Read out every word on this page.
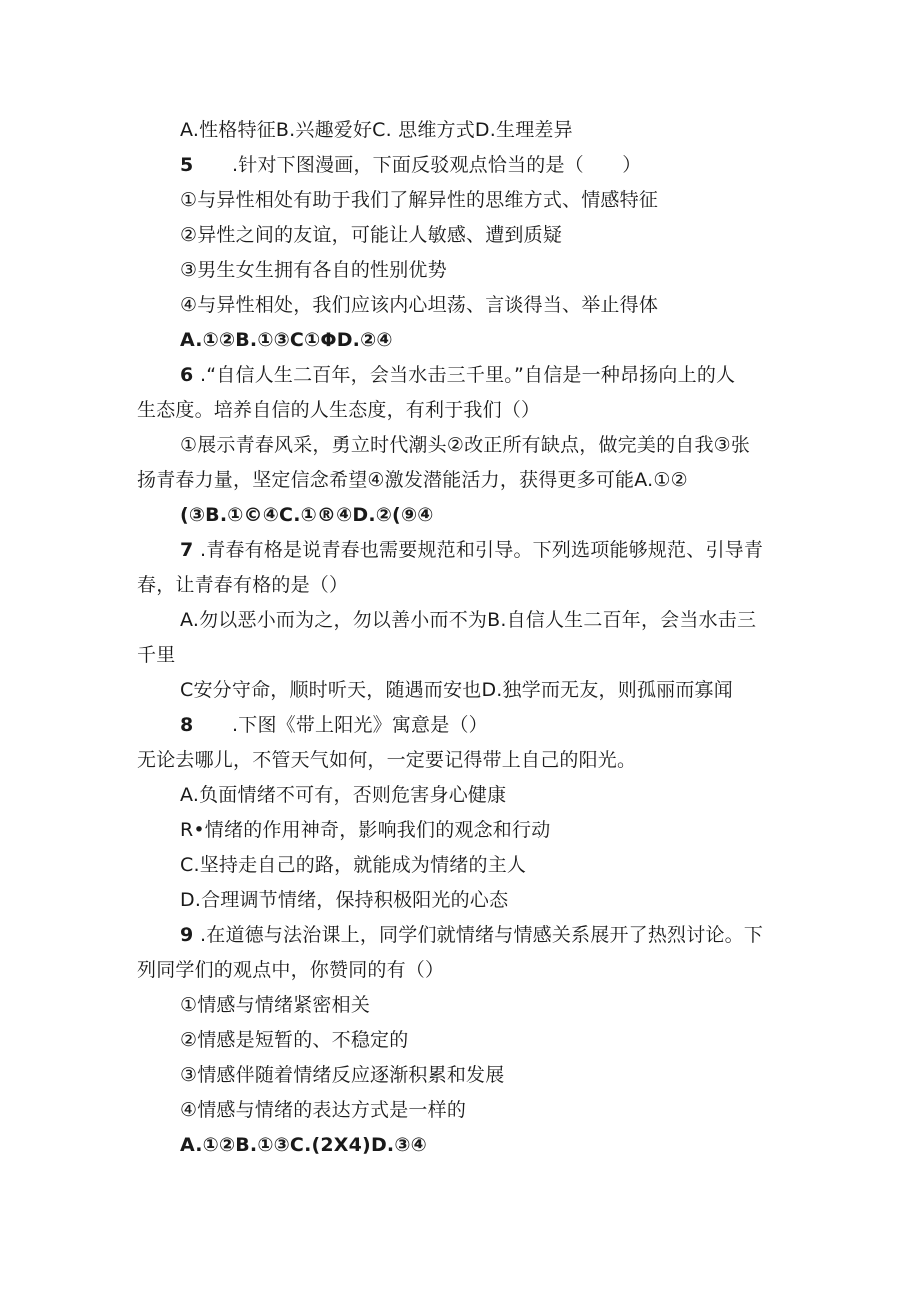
A.性格特征B.兴趣爱好C. 思维方式D.生理差异
5 .针对下图漫画，下面反驳观点恰当的是（　　）
①与异性相处有助于我们了解异性的思维方式、情感特征
②异性之间的友谊，可能让人敏感、遭到质疑
③男生女生拥有各自的性别优势
④与异性相处，我们应该内心坦荡、言谈得当、举止得体
A.①②B.①③C①ΦD.②④
6 .“自信人生二百年，会当水击三千里。”自信是一种昂扬向上的人
生态度。培养自信的人生态度，有利于我们（）
①展示青春风采，勇立时代潮头②改正所有缺点，做完美的自我③张
扬青春力量，坚定信念希望④激发潜能活力，获得更多可能A.①②
(③B.①©④C.①®④D.②(⑨④
7 .青春有格是说青春也需要规范和引导。下列选项能够规范、引导青
春，让青春有格的是（）
A.勿以恶小而为之，勿以善小而不为B.自信人生二百年，会当水击三
千里
C安分守命，顺时听天，随遇而安也D.独学而无友，则孤丽而寡闻
8 .下图《带上阳光》寓意是（）
无论去哪儿，不管天气如何，一定要记得带上自己的阳光。
A.负面情绪不可有，否则危害身心健康
R•情绪的作用神奇，影响我们的观念和行动
C.坚持走自己的路，就能成为情绪的主人
D.合理调节情绪，保持积极阳光的心态
9 .在道德与法治课上，同学们就情绪与情感关系展开了热烈讨论。下
列同学们的观点中，你赞同的有（）
①情感与情绪紧密相关
②情感是短暂的、不稳定的
③情感伴随着情绪反应逐渐积累和发展
④情感与情绪的表达方式是一样的
A.①②B.①③C.(2X4)D.③④
